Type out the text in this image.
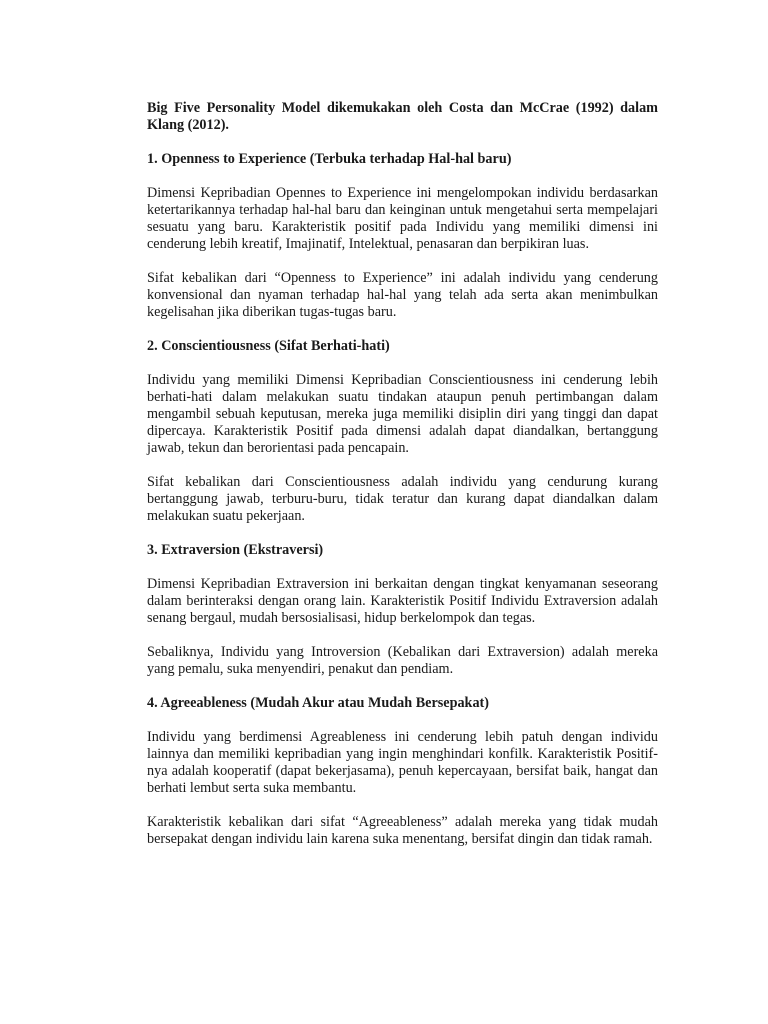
Big Five Personality Model dikemukakan oleh Costa dan McCrae (1992) dalam Klang (2012).

1. Openness to Experience (Terbuka terhadap Hal-hal baru)

Dimensi Kepribadian Opennes to Experience ini mengelompokan individu berdasarkan ketertarikannya terhadap hal-hal baru dan keinginan untuk mengetahui serta mempelajari sesuatu yang baru. Karakteristik positif pada Individu yang memiliki dimensi ini cenderung lebih kreatif, Imajinatif, Intelektual, penasaran dan berpikiran luas.

Sifat kebalikan dari “Openness to Experience” ini adalah individu yang cenderung konvensional dan nyaman terhadap hal-hal yang telah ada serta akan menimbulkan kegelisahan jika diberikan tugas-tugas baru.

2. Conscientiousness (Sifat Berhati-hati)

Individu yang memiliki Dimensi Kepribadian Conscientiousness ini cenderung lebih berhati-hati dalam melakukan suatu tindakan ataupun penuh pertimbangan dalam mengambil sebuah keputusan, mereka juga memiliki disiplin diri yang tinggi dan dapat dipercaya. Karakteristik Positif pada dimensi adalah dapat diandalkan, bertanggung jawab, tekun dan berorientasi pada pencapain.

Sifat kebalikan dari Conscientiousness adalah individu yang cendurung kurang bertanggung jawab, terburu-buru, tidak teratur dan kurang dapat diandalkan dalam melakukan suatu pekerjaan.

3. Extraversion (Ekstraversi)

Dimensi Kepribadian Extraversion ini berkaitan dengan tingkat kenyamanan seseorang dalam berinteraksi dengan orang lain. Karakteristik Positif Individu Extraversion adalah senang bergaul, mudah bersosialisasi, hidup berkelompok dan tegas.

Sebaliknya, Individu yang Introversion (Kebalikan dari Extraversion) adalah mereka yang pemalu, suka menyendiri, penakut dan pendiam.

4. Agreeableness (Mudah Akur atau Mudah Bersepakat)

Individu yang berdimensi Agreableness ini cenderung lebih patuh dengan individu lainnya dan memiliki kepribadian yang ingin menghindari konfilk. Karakteristik Positif-nya adalah kooperatif (dapat bekerjasama), penuh kepercayaan, bersifat baik, hangat dan berhati lembut serta suka membantu.

Karakteristik kebalikan dari sifat “Agreeableness” adalah mereka yang tidak mudah bersepakat dengan individu lain karena suka menentang, bersifat dingin dan tidak ramah.
